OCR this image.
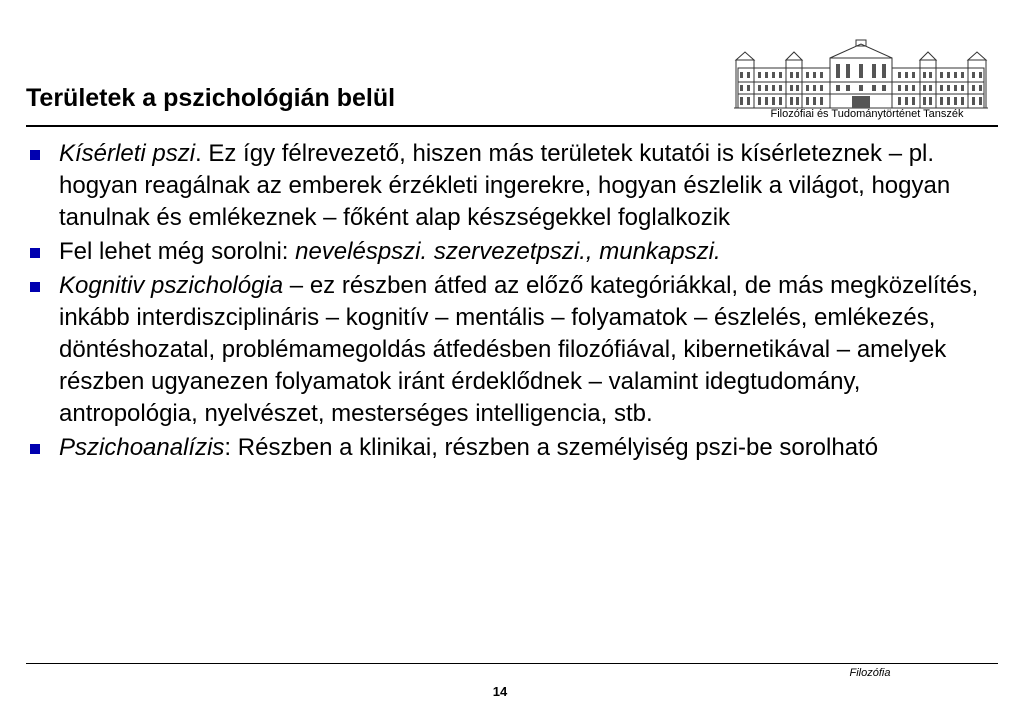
Területek a pszichológián belül
Filozófiai és Tudománytörténet Tanszék
Kísérleti pszi. Ez így félrevezető, hiszen más területek kutatói is kísérleteznek – pl. hogyan reagálnak az emberek érzékleti ingerekre, hogyan észlelik a világot, hogyan tanulnak és emlékeznek – főként alap készségekkel foglalkozik
Fel lehet még sorolni: neveléspszi. szervezetpszi., munkapszi.
Kognitiv pszichológia – ez részben átfed az előző kategóriákkal, de más megközelítés, inkább interdiszciplináris – kognitív – mentális – folyamatok – észlelés, emlékezés, döntéshozatal, problémamegoldás átfedésben filozófiával, kibernetikával – amelyek részben ugyanezen folyamatok iránt érdeklődnek – valamint idegtudomány, antropológia, nyelvészet, mesterséges intelligencia, stb.
Pszichoanalízis: Részben a klinikai, részben a személyiség pszi-be sorolható
Filozófia
14
